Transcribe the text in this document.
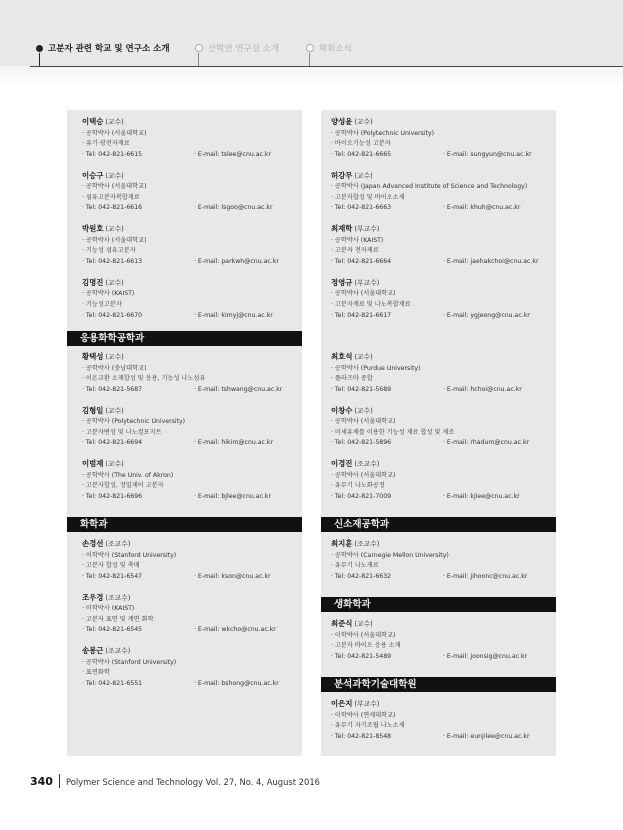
고분자 관련 학교 및 연구소 소개	산학연 연구실 소개	학회소식
이택승 (교수)
· 공학박사 (서울대학교)
· 유기·광전자재료
· Tel: 042-821-6615	· E-mail: tslee@cnu.ac.kr
이승구 (교수)
· 공학박사 (서울대학교)
· 섬유고분자복합재료
· Tel: 042-821-6616	· E-mail: lsgoo@cnu.ac.kr
박원호 (교수)
· 공학박사 (서울대학교)
· 기능성 섬유고분자
· Tel: 042-821-6613	· E-mail: parkwh@cnu.ac.kr
김명진 (교수)
· 공학박사 (KAIST)
· 기능성고분자
· Tel: 042-821-6670	· E-mail: kimyj@cnu.ac.kr
양성윤 (교수)
· 공학박사 (Polytechnic University)
· 바이오기능성 고분자
· Tel: 042-821-6665	· E-mail: sungyun@cnu.ac.kr
허강무 (교수)
· 공학박사 (Japan Advanced Institute of Science and Technology)
· 고분자합성 및 바이오소재
· Tel: 042-821-6663	· E-mail: khuh@cnu.ac.kr
최재학 (부교수)
· 공학박사 (KAIST)
· 고분자 전자재료
· Tel: 042-821-6664	· E-mail: jaehakchoi@cnu.ac.kr
정영규 (부교수)
· 공학박사 (서울대학교)
· 고분자재료 및 나노복합재료
· Tel: 042-821-6617	· E-mail: ygjeong@cnu.ac.kr
응용화학공학과
황택성 (교수)
· 공학박사 (충남대학교)
· 이온교환 소재합성 및 응용, 기능성 나노섬유
· Tel: 042-821-5687	· E-mail: tshwang@cnu.ac.kr
김형일 (교수)
· 공학박사 (Polytechnic University)
· 고분자변성 및 나노컴포지트
· Tel: 042-821-6694	· E-mail: hikim@cnu.ac.kr
이범재 (교수)
· 공학박사 (The Univ. of Akron)
· 고분자합성, 정밀제어 고분자
· Tel: 042-821-6696	· E-mail: bjlee@cnu.ac.kr
최호석 (교수)
· 공학박사 (Purdue University)
· 플라즈마 중합
· Tel: 042-821-5689	· E-mail: hchoi@cnu.ac.kr
이창수 (교수)
· 공학박사 (서울대학교)
· 미세유체를 이용한 기능성 재료 합성 및 제조
· Tel: 042-821-5896	· E-mail: rhadum@cnu.ac.kr
이경진 (조교수)
· 공학박사 (서울대학교)
· 유무기 나노화공정
· Tel: 042-821-7009	· E-mail: kjlee@cnu.ac.kr
화학과
손경선 (조교수)
· 이학박사 (Stanford University)
· 고분자 합성 및 촉매
· Tel: 042-821-6547	· E-mail: kson@cnu.ac.kr
조우경 (조교수)
· 이학박사 (KAIST)
· 고분자 표면 및 계면 화학
· Tel: 042-821-6545	· E-mail: wkcho@cnu.ac.kr
송봉근 (조교수)
· 공학박사 (Stanford University)
· 표면화학
· Tel: 042-821-6551	· E-mail: bshong@cnu.ac.kr
신소재공학과
최지훈 (조교수)
· 공학박사 (Carnegie Mellon University)
· 유무기 나노재료
· Tel: 042-821-6632	· E-mail: jihoonc@cnu.ac.kr
생화학과
최준식 (교수)
· 이학박사 (서울대학교)
· 고분자 바이오 응용 소재
· Tel: 042-821-5489	· E-mail: joonsig@cnu.ac.kr
분석과학기술대학원
이은지 (부교수)
· 이학박사 (연세대학교)
· 유무기 자기조립 나노소재
· Tel: 042-821-8548	· E-mail: eunjilee@cnu.ac.kr
340 Polymer Science and Technology Vol. 27, No. 4, August 2016
